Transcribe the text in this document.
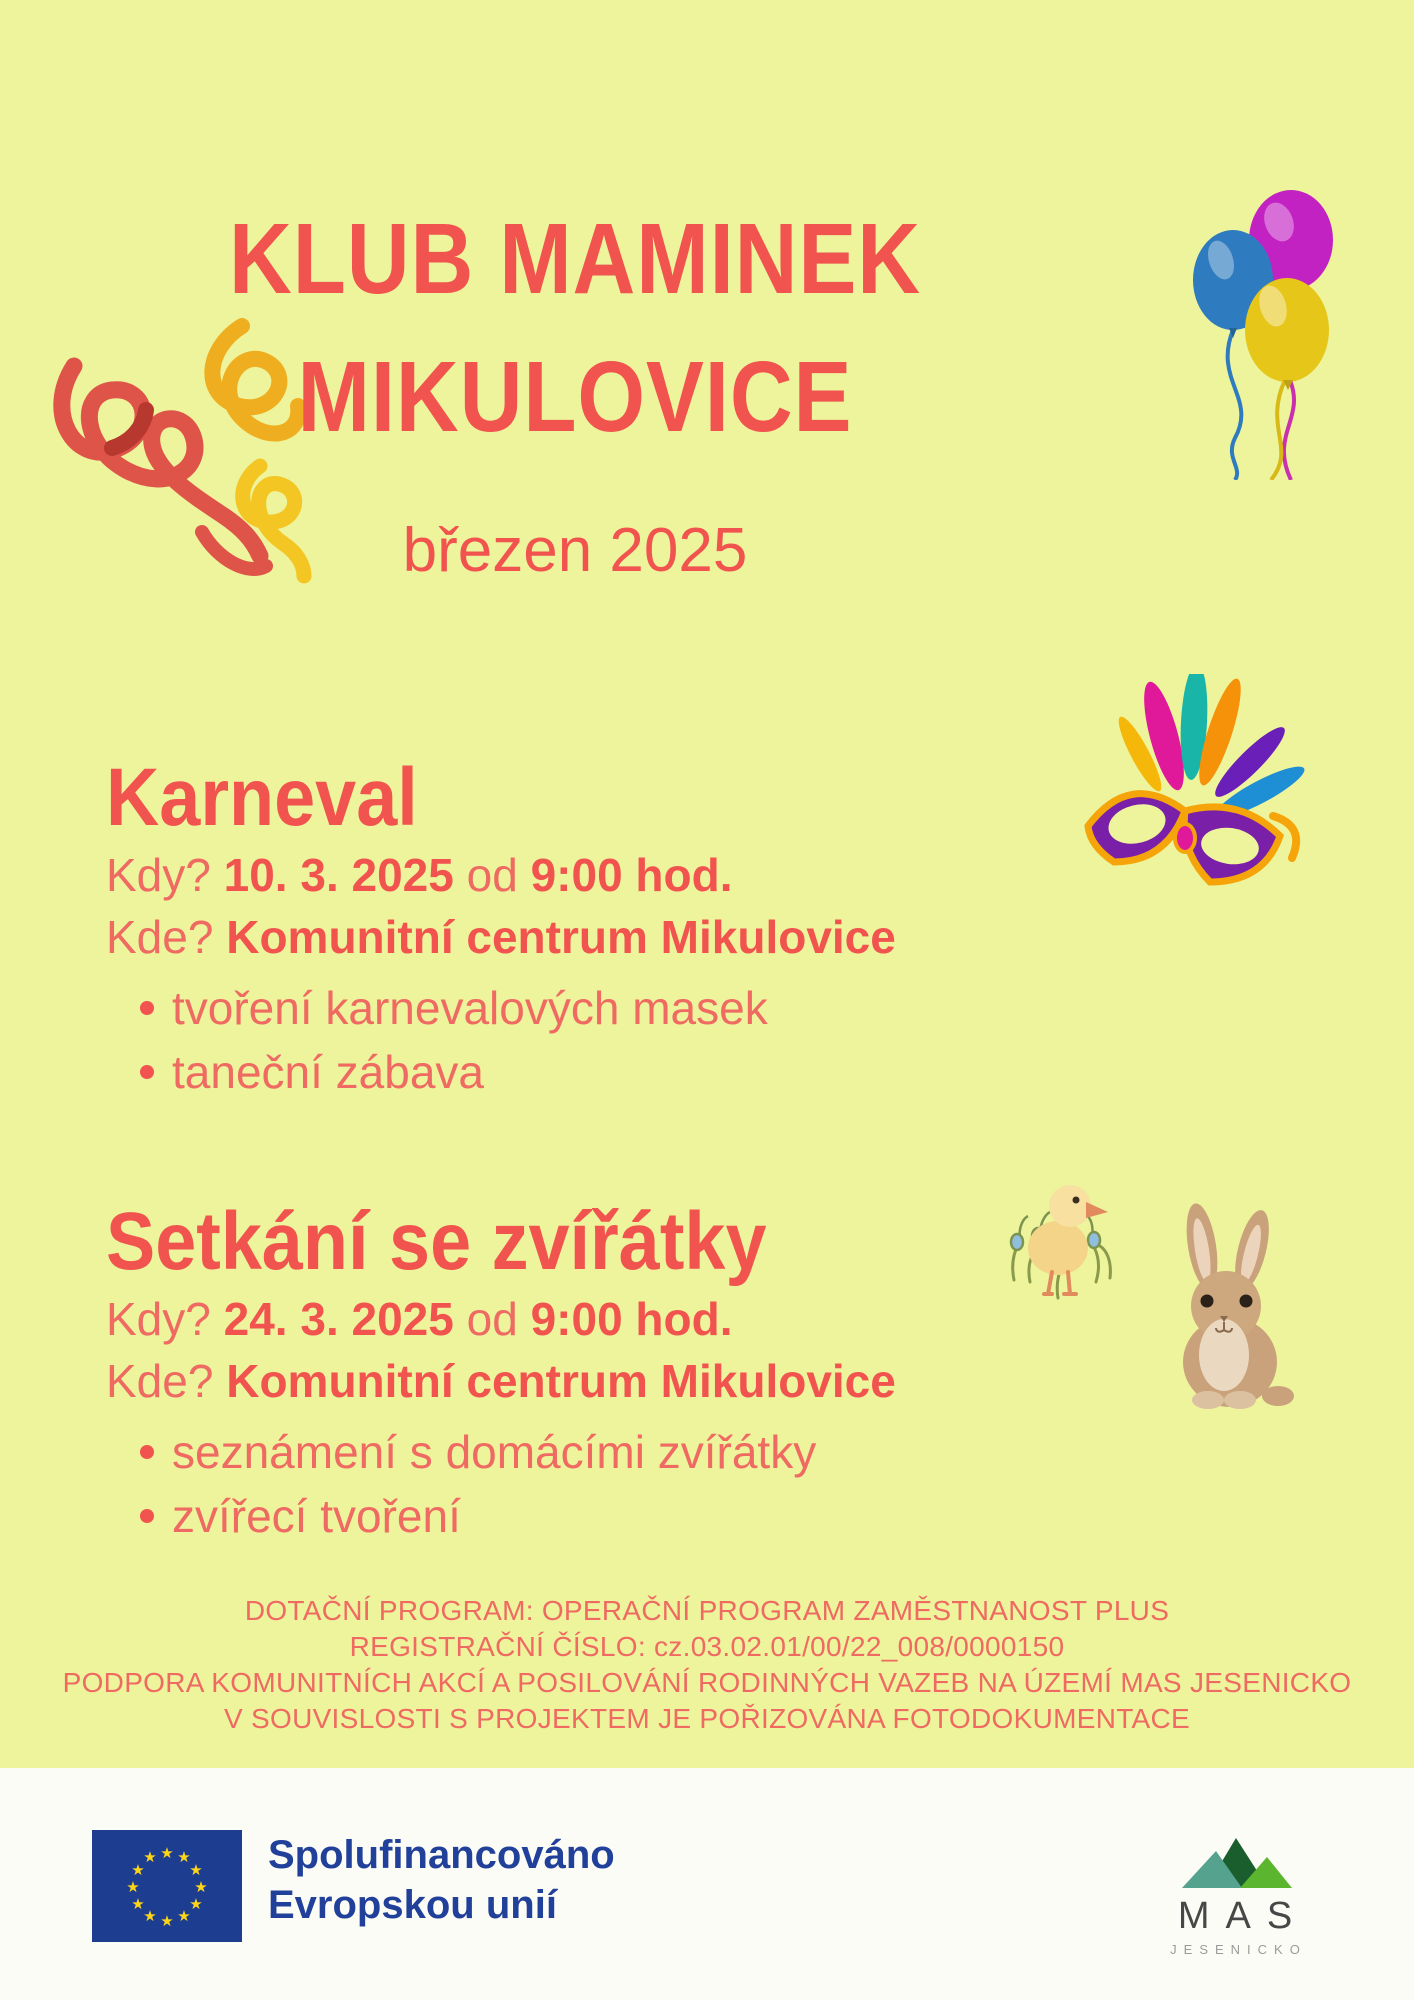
KLUB MAMINEK
MIKULOVICE
březen 2025
Karneval
Kdy? 10. 3. 2025 od 9:00 hod.
Kde? Komunitní centrum Mikulovice
tvoření karnevalových masek
taneční zábava
Setkání se zvířátky
Kdy? 24. 3. 2025 od 9:00 hod.
Kde? Komunitní centrum Mikulovice
seznámení s domácími zvířátky
zvířecí tvoření
DOTAČNÍ PROGRAM: OPERAČNÍ PROGRAM ZAMĚSTNANOST PLUS
REGISTRAČNÍ ČÍSLO: cz.03.02.01/00/22_008/0000150
PODPORA KOMUNITNÍCH AKCÍ A POSILOVÁNÍ RODINNÝCH VAZEB NA ÚZEMÍ MAS JESENICKO
V SOUVISLOSTI S PROJEKTEM JE POŘIZOVÁNA FOTODOKUMENTACE
★ ★
★
★
★
★
★
★
★
★
★
★	Spolufinancováno
Evropskou unií	MAS
JESENICKO
